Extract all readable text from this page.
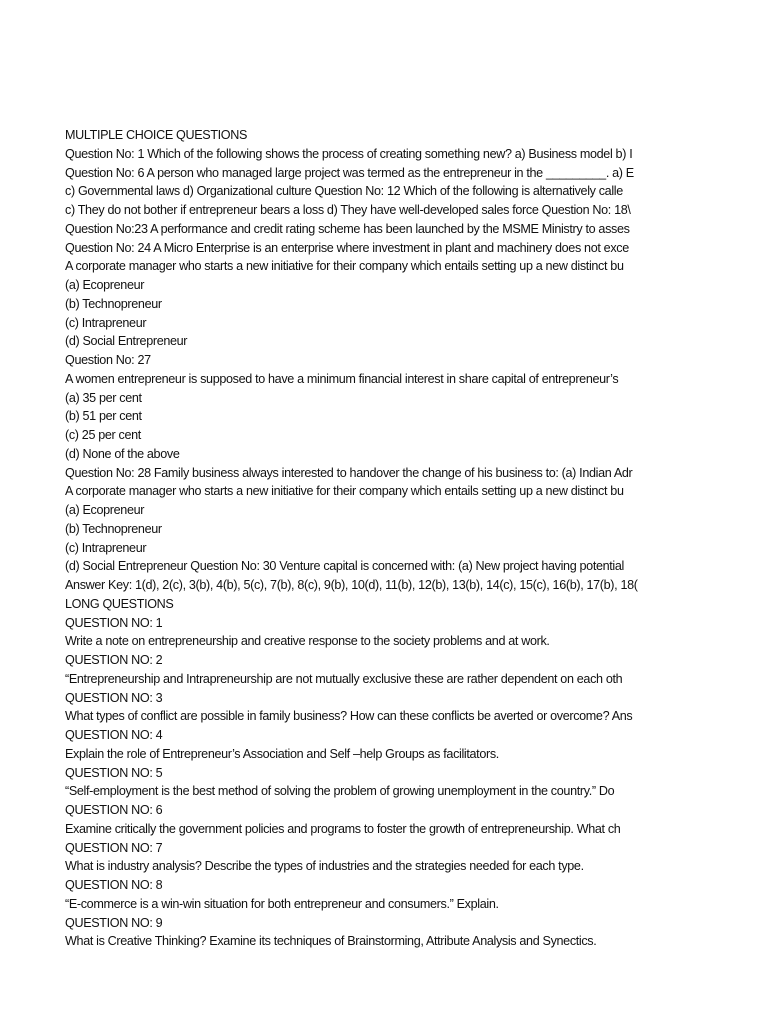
MULTIPLE CHOICE QUESTIONS
Question No: 1 Which of the following shows the process of creating something new? a) Business model b) I
Question No: 6 A person who managed large project was termed as the entrepreneur in the _________. a) E
c) Governmental laws d) Organizational culture Question No: 12 Which of the following is alternatively calle
c) They do not bother if entrepreneur bears a loss d) They have well-developed sales force Question No: 18\
Question No:23 A performance and credit rating scheme has been launched by the MSME Ministry to asses
Question No: 24 A Micro Enterprise is an enterprise where investment in plant and machinery does not exce
A corporate manager who starts a new initiative for their company which entails setting up a new distinct bu
(a) Ecopreneur
(b) Technopreneur
(c) Intrapreneur
(d) Social Entrepreneur
Question No: 27
A women entrepreneur is supposed to have a minimum financial interest in share capital of entrepreneur’s
(a) 35 per cent
(b) 51 per cent
(c) 25 per cent
(d) None of the above
Question No: 28 Family business always interested to handover the change of his business to: (a) Indian Adr
A corporate manager who starts a new initiative for their company which entails setting up a new distinct bu
(a) Ecopreneur
(b) Technopreneur
(c) Intrapreneur
(d) Social Entrepreneur Question No: 30 Venture capital is concerned with: (a) New project having potential
Answer Key: 1(d), 2(c), 3(b), 4(b), 5(c), 7(b), 8(c), 9(b), 10(d), 11(b), 12(b), 13(b), 14(c), 15(c), 16(b), 17(b), 18(
LONG QUESTIONS
QUESTION NO: 1
Write a note on entrepreneurship and creative response to the society problems and at work.
QUESTION NO: 2
“Entrepreneurship and Intrapreneurship are not mutually exclusive these are rather dependent on each oth
QUESTION NO: 3
What types of conflict are possible in family business? How can these conflicts be averted or overcome? Ans
QUESTION NO: 4
Explain the role of Entrepreneur’s Association and Self –help Groups as facilitators.
QUESTION NO: 5
“Self-employment is the best method of solving the problem of growing unemployment in the country.” Do
QUESTION NO: 6
Examine critically the government policies and programs to foster the growth of entrepreneurship. What ch
QUESTION NO: 7
What is industry analysis? Describe the types of industries and the strategies needed for each type.
QUESTION NO: 8
“E-commerce is a win-win situation for both entrepreneur and consumers.” Explain.
QUESTION NO: 9
What is Creative Thinking? Examine its techniques of Brainstorming, Attribute Analysis and Synectics.
